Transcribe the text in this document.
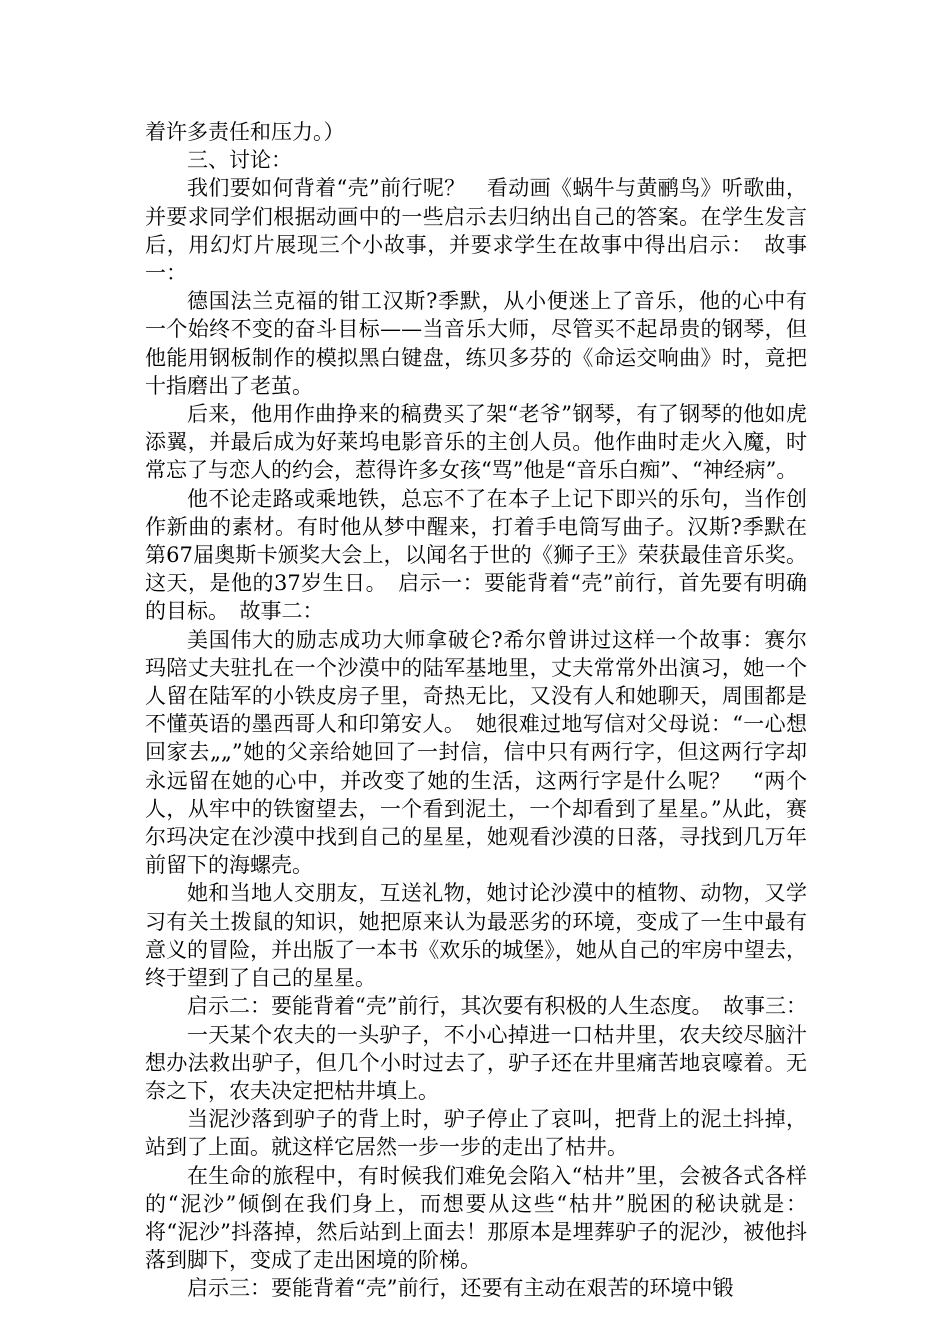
着许多责任和压力。）

三、讨论：

我们要如何背着“壳”前行呢？　看动画《蜗牛与黄鹂鸟》听歌曲，并要求同学们根据动画中的一些启示去归纳出自己的答案。在学生发言后，用幻灯片展现三个小故事，并要求学生在故事中得出启示：　故事一：

德国法兰克福的钳工汉斯?季默，从小便迷上了音乐，他的心中有一个始终不变的奋斗目标——当音乐大师，尽管买不起昂贵的钢琴，但他能用钢板制作的模拟黑白键盘，练贝多芬的《命运交响曲》时，竟把十指磨出了老茧。

后来，他用作曲挣来的稿费买了架“老爷”钢琴，有了钢琴的他如虎添翼，并最后成为好莱坞电影音乐的主创人员。他作曲时走火入魔，时常忘了与恋人的约会，惹得许多女孩“骂”他是“音乐白痴”、“神经病”。

他不论走路或乘地铁，总忘不了在本子上记下即兴的乐句，当作创作新曲的素材。有时他从梦中醒来，打着手电筒写曲子。汉斯?季默在第67届奥斯卡颁奖大会上，以闻名于世的《狮子王》荣获最佳音乐奖。这天，是他的37岁生日。　启示一：要能背着“壳”前行，首先要有明确的目标。　故事二：

美国伟大的励志成功大师拿破仑?希尔曾讲过这样一个故事：赛尔玛陪丈夫驻扎在一个沙漠中的陆军基地里，丈夫常常外出演习，她一个人留在陆军的小铁皮房子里，奇热无比，又没有人和她聊天，周围都是不懂英语的墨西哥人和印第安人。　她很难过地写信对父母说：“一心想回家去„„”她的父亲给她回了一封信，信中只有两行字，但这两行字却永远留在她的心中，并改变了她的生活，这两行字是什么呢？　“两个人，从牢中的铁窗望去，一个看到泥土，一个却看到了星星。”从此，赛尔玛决定在沙漠中找到自己的星星，她观看沙漠的日落，寻找到几万年前留下的海螺壳。

她和当地人交朋友，互送礼物，她讨论沙漠中的植物、动物，又学习有关土拨鼠的知识，她把原来认为最恶劣的环境，变成了一生中最有意义的冒险，并出版了一本书《欢乐的城堡》，她从自己的牢房中望去，终于望到了自己的星星。

启示二：要能背着“壳”前行，其次要有积极的人生态度。　故事三：

一天某个农夫的一头驴子，不小心掉进一口枯井里，农夫绞尽脑汁想办法救出驴子，但几个小时过去了，驴子还在井里痛苦地哀嚎着。无奈之下，农夫决定把枯井填上。

当泥沙落到驴子的背上时，驴子停止了哀叫，把背上的泥土抖掉，站到了上面。就这样它居然一步一步的走出了枯井。

在生命的旅程中，有时候我们难免会陷入“枯井”里，会被各式各样的“泥沙”倾倒在我们身上，而想要从这些“枯井”脱困的秘诀就是：将“泥沙”抖落掉，然后站到上面去！那原本是埋葬驴子的泥沙，被他抖落到脚下，变成了走出困境的阶梯。

启示三：要能背着“壳”前行，还要有主动在艰苦的环境中锻
